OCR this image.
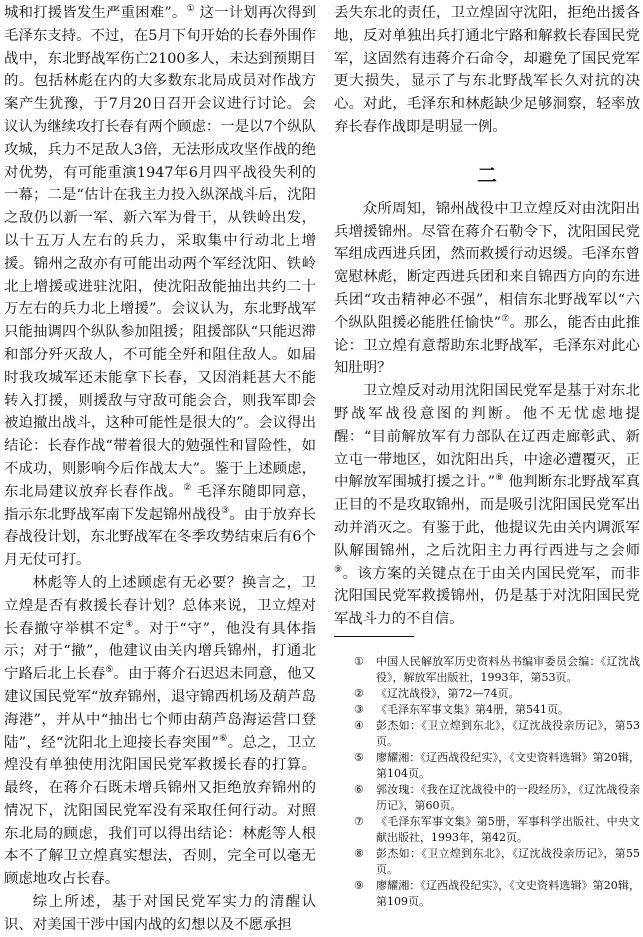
城和打援皆发生严重困难”。① 这一计划再次得到毛泽东支持。不过，在5月下旬开始的长春外围作战中，东北野战军伤亡2100多人，未达到预期目的。包括林彪在内的大多数东北局成员对作战方案产生犹豫，于7月20日召开会议进行讨论。会议认为继续攻打长春有两个顾虑：一是以7个纵队攻城，兵力不足敌人3倍，无法形成攻坚作战的绝对优势，有可能重演1947年6月四平战役失利的一幕；二是“估计在我主力投入纵深战斗后，沈阳之敌仍以新一军、新六军为骨干，从铁岭出发，以十五万人左右的兵力，采取集中行动北上增援。锦州之敌亦有可能出动两个军经沈阳、铁岭北上增援或进驻沈阳，使沈阳敌能抽出共约二十万左右的兵力北上增援”。会议认为，东北野战军只能抽调四个纵队参加阻援；阻援部队“只能迟滞和部分歼灭敌人，不可能全歼和阻住敌人。如届时我攻城军还未能拿下长春，又因消耗甚大不能转入打援，则援敌与守敌可能会合，则我军即会被迫撤出战斗，这种可能性是很大的”。会议得出结论：长春作战“带着很大的勉强性和冒险性，如不成功，则影响今后作战太大”。鉴于上述顾虑，东北局建议放弃长春作战。② 毛泽东随即同意，指示东北野战军南下发起锦州战役③。由于放弃长春战役计划，东北野战军在冬季攻势结束后有6个月无仗可打。

林彪等人的上述顾虑有无必要？换言之，卫立煌是否有救援长春计划？总体来说，卫立煌对长春撤守举棋不定④。对于“守”，他没有具体指示；对于“撤”，他建议由关内增兵锦州，打通北宁路后北上长春⑤。由于蒋介石迟迟未同意，他又建议国民党军“放弃锦州，退守锦西机场及葫芦岛海港”，并从中“抽出七个师由葫芦岛海运营口登陆”，经“沈阳北上迎接长春突围”⑥。总之，卫立煌没有单独使用沈阳国民党军救援长春的打算。最终，在蒋介石既未增兵锦州又拒绝放弃锦州的情况下，沈阳国民党军没有采取任何行动。对照东北局的顾虑，我们可以得出结论：林彪等人根本不了解卫立煌真实想法，否则，完全可以毫无顾虑地攻占长春。

综上所述，基于对国民党军实力的清醒认识、对美国干涉中国内战的幻想以及不愿承担

丢失东北的责任，卫立煌固守沈阳，拒绝出援各地，反对单独出兵打通北宁路和解救长春国民党军，这固然有违蒋介石命令，却避免了国民党军更大损失，显示了与东北野战军长久对抗的决心。对此，毛泽东和林彪缺少足够洞察，轻率放弃长春作战即是明显一例。

二

众所周知，锦州战役中卫立煌反对由沈阳出兵增援锦州。尽管在蒋介石勒令下，沈阳国民党军组成西进兵团，然而救援行动迟缓。毛泽东曾宽慰林彪，断定西进兵团和来自锦西方向的东进兵团“攻击精神必不强”，相信东北野战军以“六个纵队阻援必能胜任愉快”⑦。那么，能否由此推论：卫立煌有意帮助东北野战军，毛泽东对此心知肚明？

卫立煌反对动用沈阳国民党军是基于对东北野战军战役意图的判断。他不无忧虑地提醒：“目前解放军有力部队在辽西走廊彰武、新立屯一带地区，如沈阳出兵，中途必遭覆灭，正中解放军围城打援之计。”⑧ 他判断东北野战军真正目的不是攻取锦州，而是吸引沈阳国民党军出动并消灭之。有鉴于此，他提议先由关内调派军队解围锦州，之后沈阳主力再行西进与之会师⑨。该方案的关键点在于由关内国民党军，而非沈阳国民党军救援锦州，仍是基于对沈阳国民党军战斗力的不自信。

① 中国人民解放军历史资料丛书编审委员会编：《辽沈战役》，解放军出版社，1993年，第53页。
② 《辽沈战役》，第72—74页。
③ 《毛泽东军事文集》第4册，第541页。
④ 彭杰如：《卫立煌到东北》，《辽沈战役亲历记》，第53页。
⑤ 廖耀湘：《辽西战役纪实》，《文史资料选辑》第20辑，第104页。
⑥ 郭汝瑰：《我在辽沈战役中的一段经历》，《辽沈战役亲历记》，第60页。
⑦ 《毛泽东军事文集》第5册，军事科学出版社、中央文献出版社，1993年，第42页。
⑧ 彭杰如：《卫立煌到东北》，《辽沈战役亲历记》，第55页。
⑨ 廖耀湘：《辽西战役纪实》，《文史资料选辑》第20辑，第109页。
